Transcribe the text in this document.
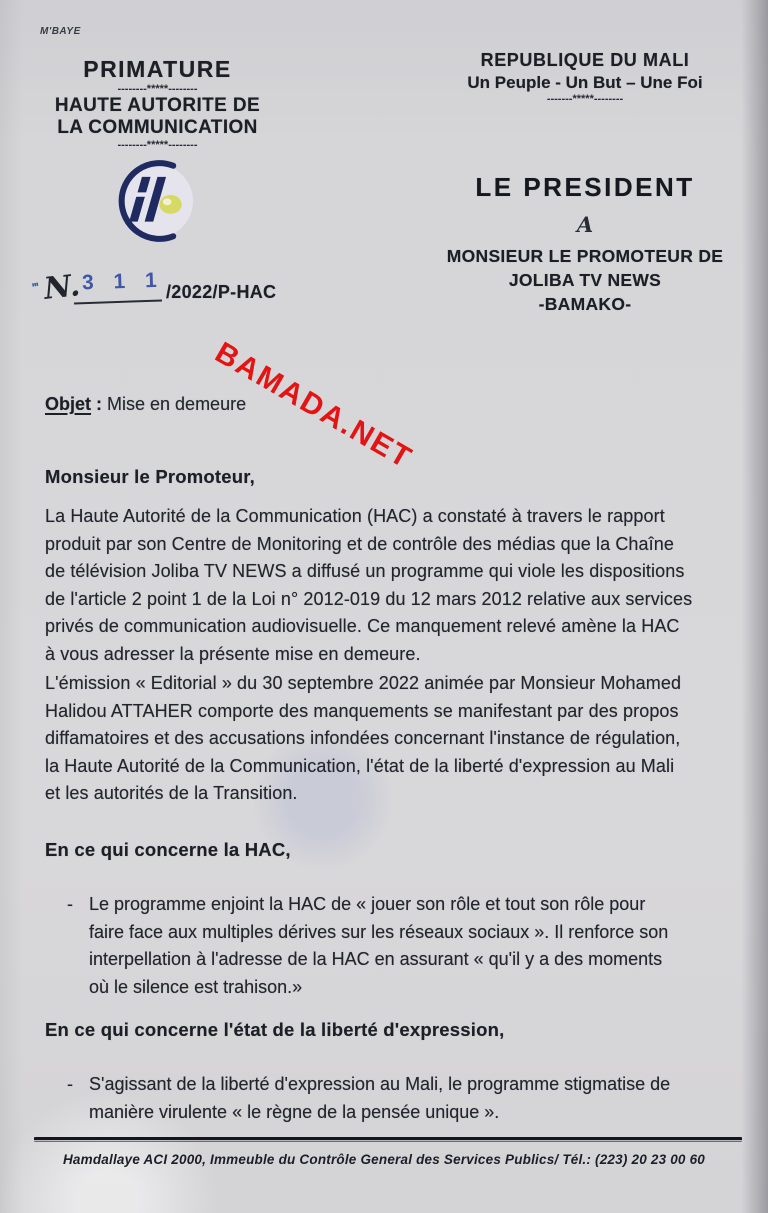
M'BAYE
PRIMATURE
--------*****--------
HAUTE AUTORITE DE
LA COMMUNICATION
--------*****--------
''' N. 3 1 1 /2022/P-HAC
REPUBLIQUE DU MALI
Un Peuple - Un But – Une Foi
-------*****--------
LE PRESIDENT
A
MONSIEUR LE PROMOTEUR DE
JOLIBA TV NEWS
-BAMAKO-
BAMADA.NET
Objet : Mise en demeure
Monsieur le Promoteur,
La Haute Autorité de la Communication (HAC) a constaté à travers le rapport
produit par son Centre de Monitoring et de contrôle des médias que la Chaîne
de télévision Joliba TV NEWS a diffusé un programme qui viole les dispositions
de l'article 2 point 1 de la Loi n° 2012-019 du 12 mars 2012 relative aux services
privés de communication audiovisuelle. Ce manquement relevé amène la HAC
à vous adresser la présente mise en demeure.
L'émission « Editorial » du 30 septembre 2022 animée par Monsieur Mohamed
Halidou ATTAHER comporte des manquements se manifestant par des propos
diffamatoires et des accusations infondées concernant l'instance de régulation,
la Haute Autorité de la Communication, l'état de la liberté d'expression au Mali
et les autorités de la Transition.
En ce qui concerne la HAC,
- Le programme enjoint la HAC de « jouer son rôle et tout son rôle pour
faire face aux multiples dérives sur les réseaux sociaux ». Il renforce son
interpellation à l'adresse de la HAC en assurant « qu'il y a des moments
où le silence est trahison.»
En ce qui concerne l'état de la liberté d'expression,
- S'agissant de la liberté d'expression au Mali, le programme stigmatise de
manière virulente « le règne de la pensée unique ».
Hamdallaye ACI 2000, Immeuble du Contrôle General des Services Publics/ Tél.: (223) 20 23 00 60
